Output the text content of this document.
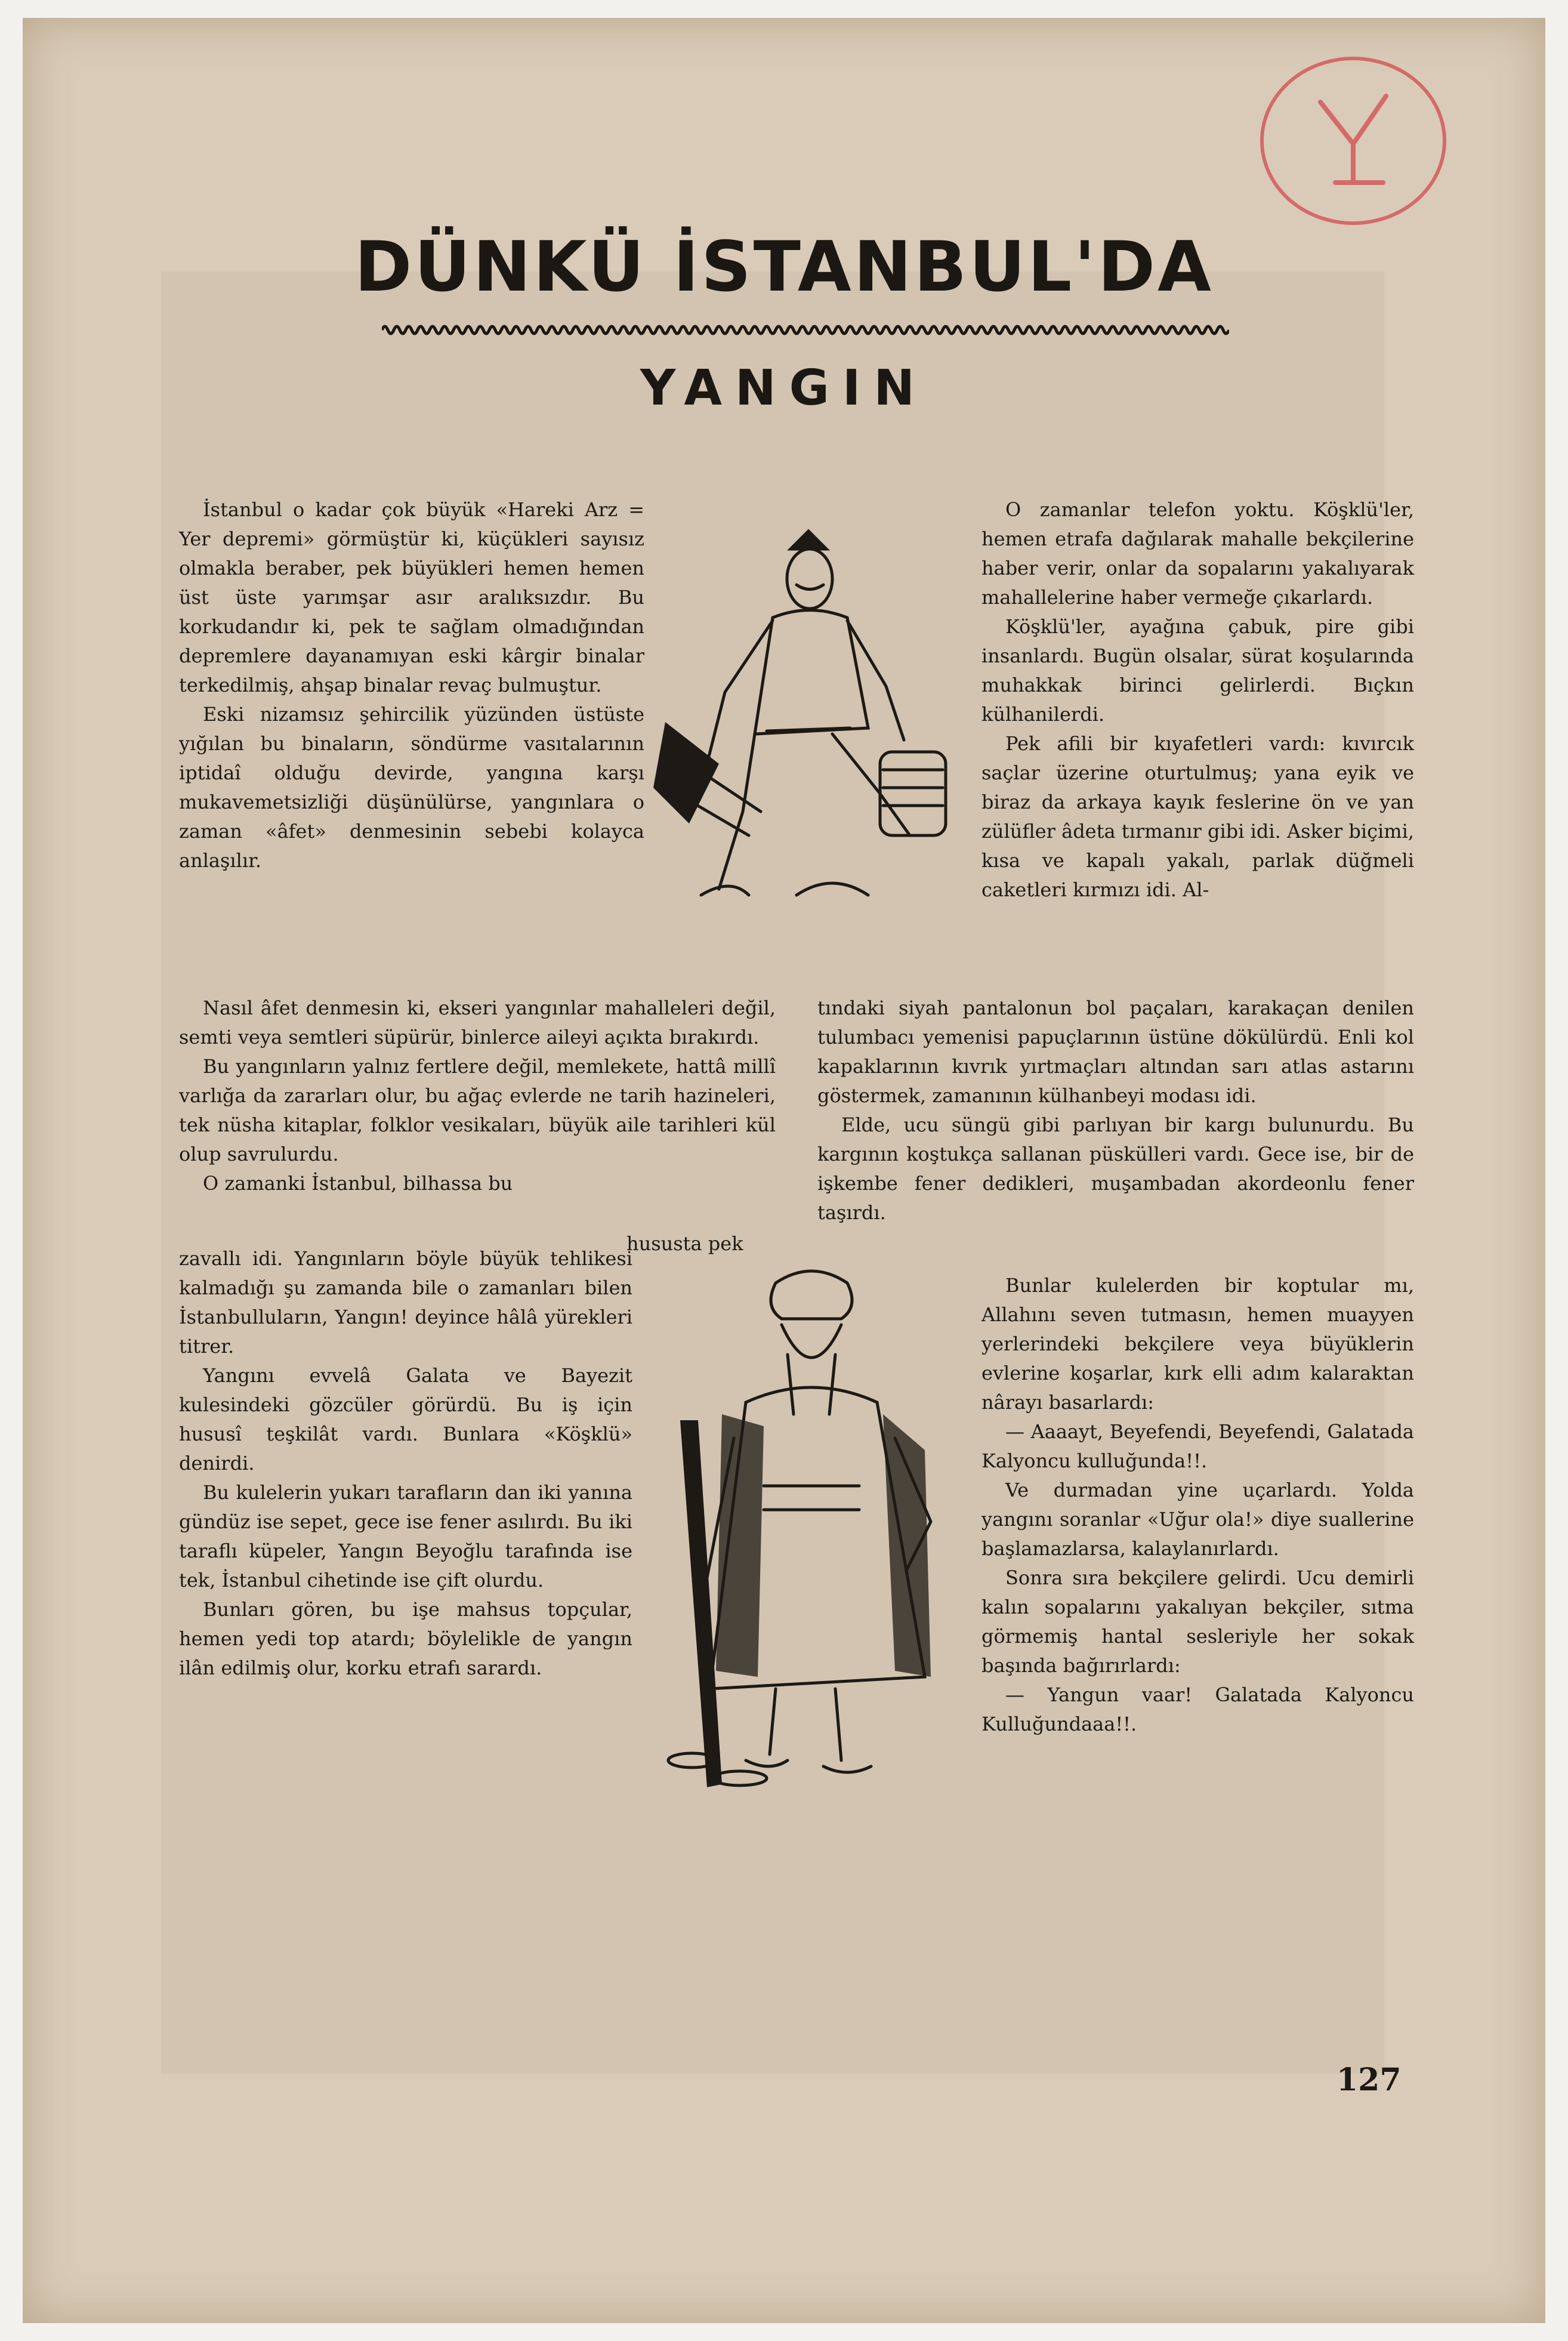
DÜNKÜ İSTANBUL'DA
YANGIN

İstanbul o kadar çok büyük «Hareki Arz = Yer depremi» görmüştür ki, küçükleri sayısız olmakla beraber, pek büyükleri hemen hemen üst üste yarımşar asır aralıksızdır. Bu korkudandır ki, pek te sağlam olmadığından depremlere dayanamıyan eski kârgir binalar terkedilmiş, ahşap binalar revaç bulmuştur.

Eski nizamsız şehircilik yüzünden üstüste yığılan bu binaların, söndürme vasıtalarının iptidaî olduğu devirde, yangına karşı mukavemetsizliği düşünülürse, yangınlara o zaman «âfet» denmesinin sebebi kolayca anlaşılır.

Nasıl âfet denmesin ki, ekseri yangınlar mahalleleri değil, semti veya semtleri süpürür, binlerce aileyi açıkta bırakırdı.

Bu yangınların yalnız fertlere değil, memlekete, hattâ millî varlığa da zararları olur, bu ağaç evlerde ne tarih hazineleri, tek nüsha kitaplar, folklor vesikaları, büyük aile tarihleri kül olup savrulurdu.

O zamanki İstanbul, bilhassa bu

hususta pek

zavallı idi. Yangınların böyle büyük tehlikesi kalmadığı şu zamanda bile o zamanları bilen İstanbulluların, Yangın! deyince hâlâ yürekleri titrer.

Yangını evvelâ Galata ve Bayezit kulesindeki gözcüler görürdü. Bu iş için hususî teşkilât vardı. Bunlara «Köşklü» denirdi.

Bu kulelerin yukarı tarafların dan iki yanına gündüz ise sepet, gece ise fener asılırdı. Bu iki taraflı küpeler, Yangın Beyoğlu tarafında ise tek, İstanbul cihetinde ise çift olurdu.

Bunları gören, bu işe mahsus topçular, hemen yedi top atardı; böylelikle de yangın ilân edilmiş olur, korku etrafı sarardı.

O zamanlar telefon yoktu. Köşklü'ler, hemen etrafa dağılarak mahalle bekçilerine haber verir, onlar da sopalarını yakalıyarak mahallelerine haber vermeğe çıkarlardı.

Köşklü'ler, ayağına çabuk, pire gibi insanlardı. Bugün olsalar, sürat koşularında muhakkak birinci gelirlerdi. Bıçkın külhanilerdi.

Pek afili bir kıyafetleri vardı: kıvırcık saçlar üzerine oturtulmuş; yana eyik ve biraz da arkaya kayık feslerine ön ve yan zülüfler âdeta tırmanır gibi idi. Asker biçimi, kısa ve kapalı yakalı, parlak düğmeli caketleri kırmızı idi. Al-

tındaki siyah pantalonun bol paçaları, karakaçan denilen tulumbacı yemenisi papuçlarının üstüne dökülürdü. Enli kol kapaklarının kıvrık yırtmaçları altından sarı atlas astarını göstermek, zamanının külhanbeyi modası idi.

Elde, ucu süngü gibi parlıyan bir kargı bulunurdu. Bu kargının koştukça sallanan püskülleri vardı. Gece ise, bir de işkembe fener dedikleri, muşambadan akordeonlu fener taşırdı.

Bunlar kulelerden bir koptular mı, Allahını seven tutmasın, hemen muayyen yerlerindeki bekçilere veya büyüklerin evlerine koşarlar, kırk elli adım kalaraktan nârayı basarlardı:

— Aaaayt, Beyefendi, Beyefendi, Galatada Kalyoncu kulluğunda!!.

Ve durmadan yine uçarlardı. Yolda yangını soranlar «Uğur ola!» diye suallerine başlamazlarsa, kalaylanırlardı.

Sonra sıra bekçilere gelirdi. Ucu demirli kalın sopalarını yakalıyan bekçiler, sıtma görmemiş hantal sesleriyle her sokak başında bağırırlardı:

— Yangun vaar! Galatada Kalyoncu Kulluğundaaa!!.

127
